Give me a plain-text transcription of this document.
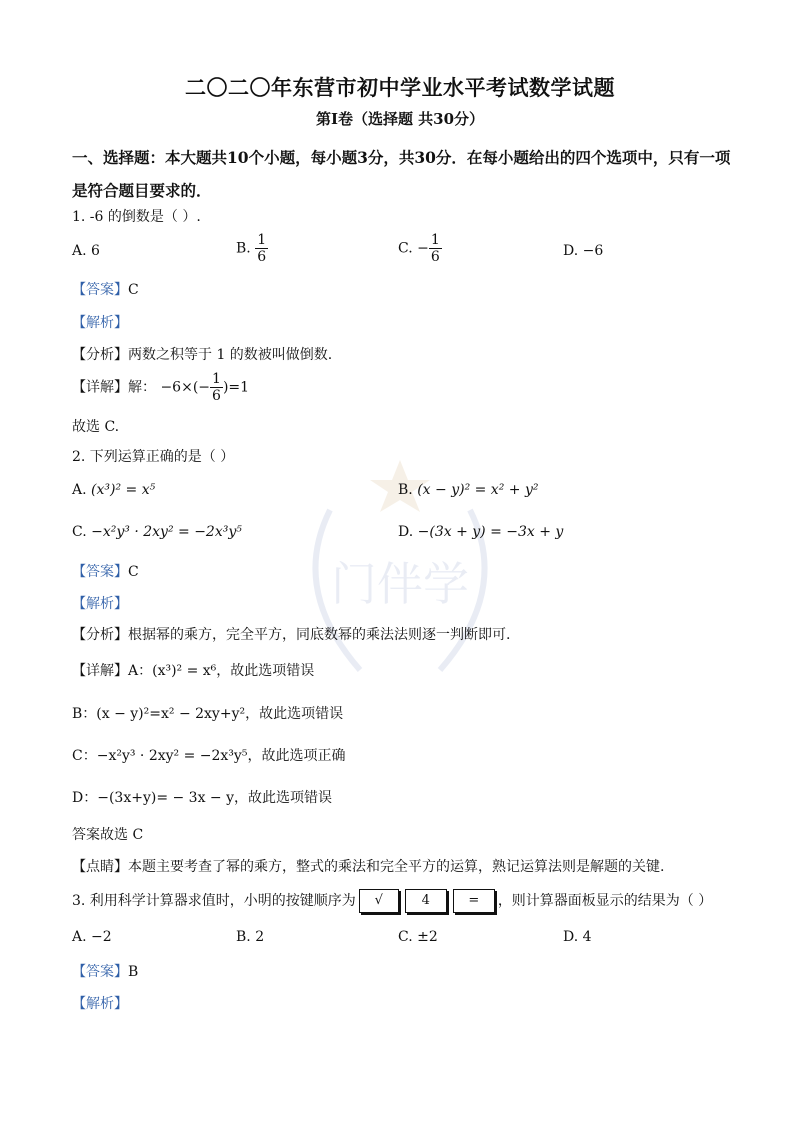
门伴学
二〇二〇年东营市初中学业水平考试数学试题
第Ⅰ卷（选择题 共30分）
一、选择题：本大题共10个小题，每小题3分，共30分．在每小题给出的四个选项中，只有一项是符合题目要求的．
1. -6 的倒数是（ ）.
A. 6	B. $\frac{1}{6}$	C. − $\frac{1}{6}$	D. −6
【答案】C
【解析】
【分析】两数之积等于 1 的数被叫做倒数.
【详解】解： $-6\times(- \frac{1}{6} )=1$
故选 C.
2. 下列运算正确的是（ ）
A. (x³)² = x⁵	B. (x − y)² = x² + y²
C. −x²y³ · 2xy² = −2x³y⁵	D. −(3x + y) = −3x + y
【答案】C
【解析】
【分析】根据幂的乘方，完全平方，同底数幂的乘法法则逐一判断即可.
【详解】A：(x³)² = x⁶，故此选项错误
B：(x − y)²=x² − 2xy+y²，故此选项错误
C：−x²y³ · 2xy² = −2x³y⁵，故此选项正确
D：−(3x+y)= − 3x − y，故此选项错误
答案故选 C
【点睛】本题主要考查了幂的乘方，整式的乘法和完全平方的运算，熟记运算法则是解题的关键.
3. 利用科学计算器求值时，小明的按键顺序为 √	4	= ，则计算器面板显示的结果为（ ）
A. −2	B. 2	C. ±2	D. 4
【答案】B
【解析】
